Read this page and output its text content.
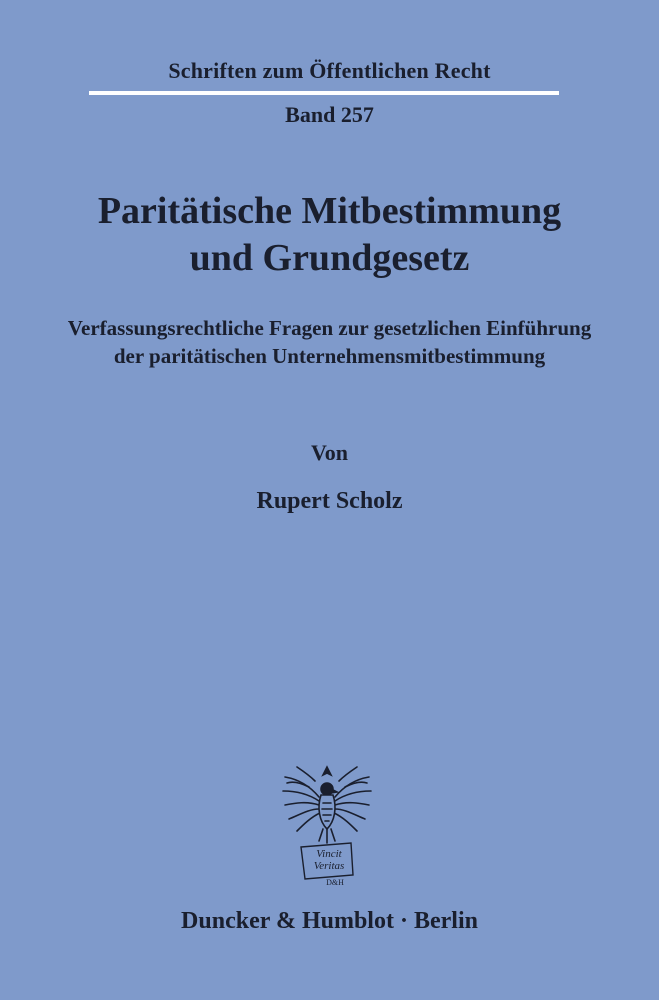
Schriften zum Öffentlichen Recht
Band 257
Paritätische Mitbestimmung
und Grundgesetz
Verfassungsrechtliche Fragen zur gesetzlichen Einführung
der paritätischen Unternehmensmitbestimmung
Von
Rupert Scholz
Vincit
Veritas
D&H
Duncker & Humblot · Berlin
